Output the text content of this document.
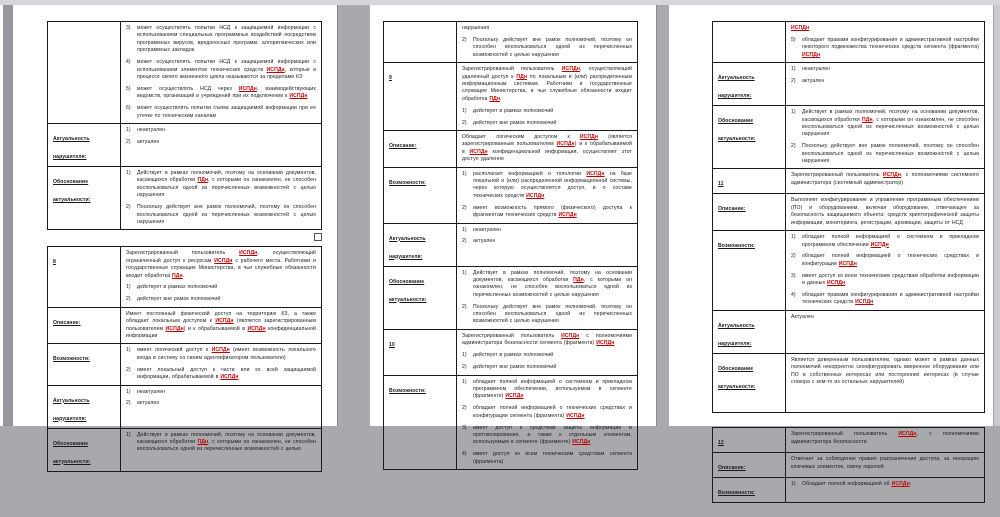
3)	может осуществлять попытки НСД к защищаемой информации с использованием специальных программных воздействий посредством программных вирусов, вредоносных программ, алгоритмических или программных закладок
4)	может осуществлять попытки НСД к защищаемой информации с использованием элементов технических средств ИСПДн, которые в процессе своего жизненного цикла оказываются за пределами КЗ
5)	может осуществлять НСД через ИСПДн, взаимодействующих ведомств, организаций и учреждений при их подключении к ИСПДн
6)	может осуществлять попытки съема защищаемой информации при ее утечке по техническим каналам

Актуальность нарушителя:	1) неактуален
2) актуален

Обоснование актуальности:	1) Действует в рамках полномочий, поэтому на основании документов, касающихся обработки ПДн, с которыми он ознакомлен, не способен воспользоваться одной из перечисленных возможностей с целью нарушения
2) Поскольку действует вне рамок полномочий, поэтому он способен воспользоваться одной из перечисленных возможностей с целью нарушения
8	Зарегистрированный пользователь ИСПДн, осуществляющий ограниченный доступ к ресурсам ИСПДн с рабочего места. Работники и государственные служащие Министерства, в чьи служебные обязанности входит обработка ПДн.
1) действует в рамках полномочий
2) действует вне рамок полномочий

Описание:	Имеет постоянный физический доступ на территорию КЗ, а также обладает локальным доступом к ИСПДн (является зарегистрированным пользователем ИСПДн) и к обрабатываемой в ИСПДн конфиденциальной информации

Возможности:	1) имеет логический доступ к ИСПДн (имеет возможность локального входа в систему со своим идентификатором пользователя)
2) имеет локальный доступ к части или ко всей защищаемой информации, обрабатываемой в ИСПДн

Актуальность нарушителя:	1) неактуален
2) актуален

Обоснование актуальности:	1) Действует в рамках полномочий, поэтому на основании документов, касающихся обработки ПДн, с которыми он ознакомлен, не способен воспользоваться одной из перечисленных возможностей с целью

	нарушения
2) Поскольку действует вне рамок полномочий, поэтому он способен воспользоваться одной из перечисленных возможностей с целью нарушения

9	Зарегистрированный пользователь ИСПДн, осуществляющий удаленный доступ к ПДн по локальным и (или) распределенным информационным системам. Работники и государственные служащие Министерства, в чьи служебные обязанности входит обработка ПДн.
1) действует в рамках полномочий
2) действует вне рамок полномочий

Описание:	Обладает логическим доступом к ИСПДн (является зарегистрированным пользователем ИСПДн) и к обрабатываемой в ИСПДн конфиденциальной информации, осуществляет этот доступ удаленно

Возможности:	1) располагает информацией о топологии ИСПДн на базе локальной и (или) распределенной информационной системы, через которую осуществляется доступ, и о составе технических средств ИСПДн
2) имеет возможность прямого (физического) доступа к фрагментам технических средств ИСПДн

Актуальность нарушителя:	1) неактуален
2) актуален

Обоснование актуальности:	1) Действует в рамках полномочий, поэтому на основании документов, касающихся обработки ПДн, с которыми он ознакомлен, не способен воспользоваться одной из перечисленных возможностей с целью нарушения
2) Поскольку действует вне рамок полномочий, поэтому он способен воспользоваться одной из перечисленных возможностей с целью нарушения

10	Зарегистрированный пользователь ИСПДн с полномочиями администратора безопасности сегмента (фрагмента) ИСПДн
1) действует в рамках полномочий
2) действует вне рамок полномочий

Возможности:	
1)	обладает полной информацией о системном и прикладном программном обеспечении, используемом в сегменте (фрагменте) ИСПДн
2)	обладает полной информацией о технических средствах и конфигурации сегмента (фрагмента) ИСПДн
3)	имеет доступ к средствам защиты информации и протоколирования, а также к отдельным элементам, используемым в сегменте (фрагменте) ИСПДн
4)	имеет доступ ко всем техническим средствам сегмента (фрагмента)

	ИСПДн
5) обладает правами конфигурирования и административной настройки некоторого подмножества технических средств сегмента (фрагмента) ИСПДн

Актуальность нарушителя:	1) неактуален
2) актуален

Обоснование актуальности:	1) Действует в рамках полномочий, поэтому на основании документов, касающихся обработки ПДн, с которыми он ознакомлен, не способен воспользоваться одной из перечисленных возможностей с целью нарушения
2) Поскольку действует вне рамок полномочий, поэтому он способен воспользоваться одной из перечисленных возможностей с целью нарушения

11	Зарегистрированный пользователь ИСПДн, с полномочиями системного администратора (системный администратор)

Описание:	Выполняет конфигурирование и управление программным обеспечением (ПО) и оборудованием, включая оборудование, отвечающее за безопасность защищаемого объекта: средств криптографической защиты информации, мониторинга, регистрации, архивации, защиты от НСД

Возможности:	
1)	обладает полной информацией о системном и прикладном программном обеспечении ИСПДн
2)	обладает полной информацией о технических средствах и конфигурации ИСПДн
3)	имеет доступ ко всем техническим средствам обработки информации и данных ИСПДн
4)	обладает правами конфигурирования и административной настройки технических средств ИСПДн

Актуальность нарушителя:	Актуален

Обоснование актуальности:	Является доверенным пользователем, однако может в рамках данных полномочий некорректно сконфигурировать вверенное оборудование или ПО в собственных интересах или посторонних интересах (в случае сговора с кем-то из остальных нарушителей)
12	Зарегистрированный пользователь ИСПДн, с полномочиями администратора безопасности

Описание:	Отвечает за соблюдение правил разграничения доступа, за генерацию ключевых элементов, смену паролей

Возможности:	1) Обладает полной информацией об ИСПДн;
